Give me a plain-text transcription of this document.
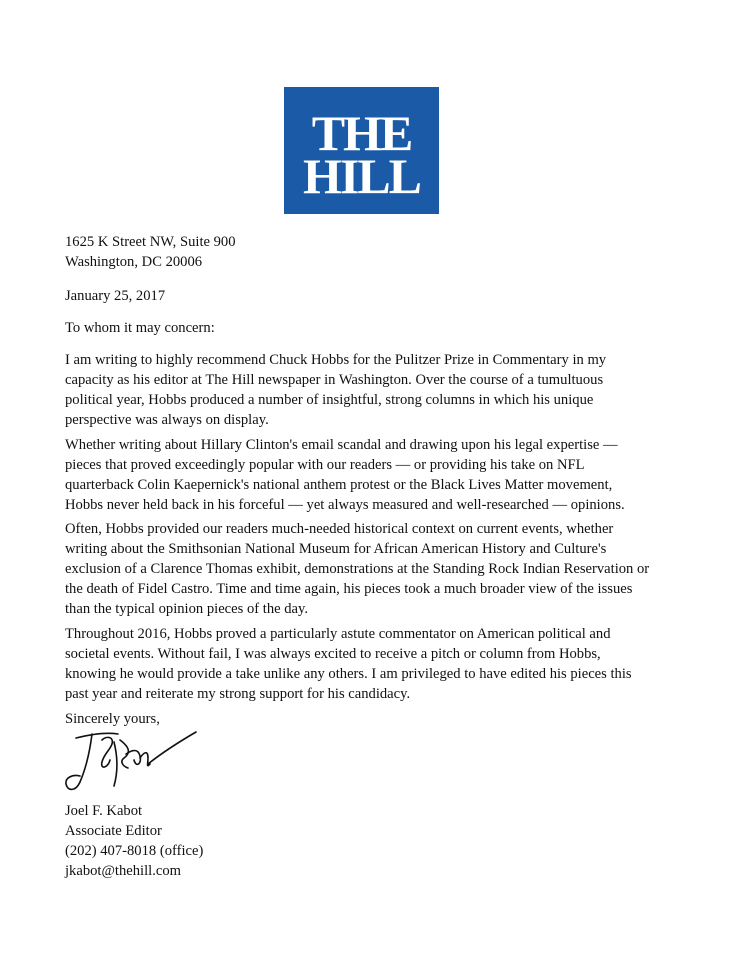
THE
HILL
1625 K Street NW, Suite 900
Washington, DC 20006
January 25, 2017
To whom it may concern:
I am writing to highly recommend Chuck Hobbs for the Pulitzer Prize in Commentary in my
capacity as his editor at The Hill newspaper in Washington. Over the course of a tumultuous
political year, Hobbs produced a number of insightful, strong columns in which his unique
perspective was always on display.
Whether writing about Hillary Clinton's email scandal and drawing upon his legal expertise —
pieces that proved exceedingly popular with our readers — or providing his take on NFL
quarterback Colin Kaepernick's national anthem protest or the Black Lives Matter movement,
Hobbs never held back in his forceful — yet always measured and well-researched — opinions.
Often, Hobbs provided our readers much-needed historical context on current events, whether
writing about the Smithsonian National Museum for African American History and Culture's
exclusion of a Clarence Thomas exhibit, demonstrations at the Standing Rock Indian Reservation or
the death of Fidel Castro. Time and time again, his pieces took a much broader view of the issues
than the typical opinion pieces of the day.
Throughout 2016, Hobbs proved a particularly astute commentator on American political and
societal events. Without fail, I was always excited to receive a pitch or column from Hobbs,
knowing he would provide a take unlike any others. I am privileged to have edited his pieces this
past year and reiterate my strong support for his candidacy.
Sincerely yours,
Joel F. Kabot
Associate Editor
(202) 407-8018 (office)
jkabot@thehill.com
